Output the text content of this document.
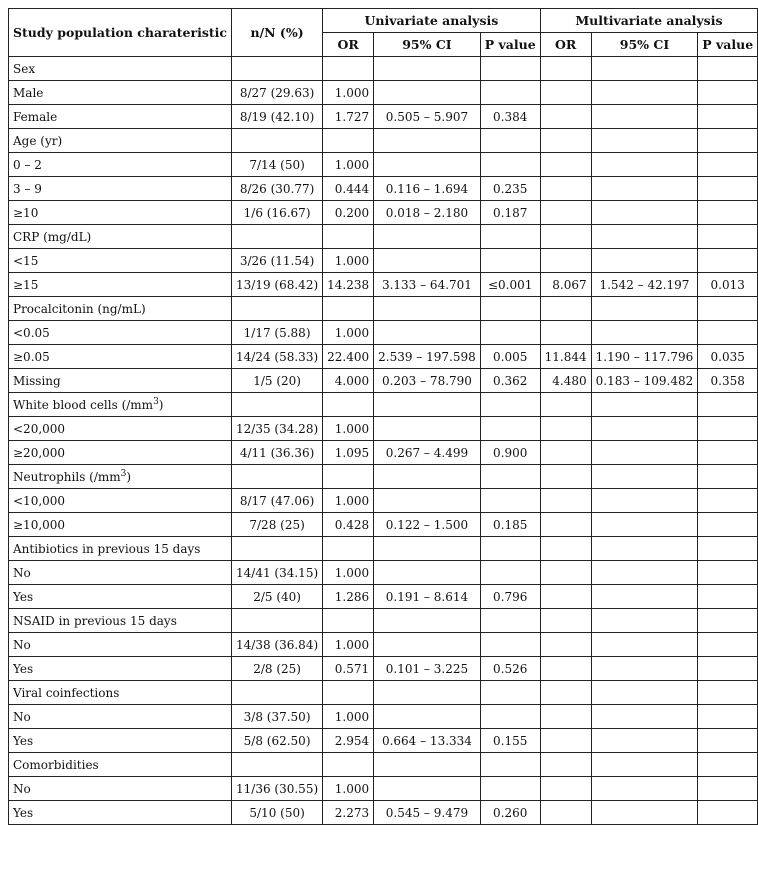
Study population charateristic	n/N (%)	Univariate analysis			Multivariate analysis		
		OR	95% CI	P value	OR	95% CI	P value
Sex							
Male	8/27 (29.63)	1.000					
Female	8/19 (42.10)	1.727	0.505 – 5.907	0.384			
Age (yr)							
0 – 2	7/14 (50)	1.000					
3 – 9	8/26 (30.77)	0.444	0.116 – 1.694	0.235			
≥10	1/6 (16.67)	0.200	0.018 – 2.180	0.187			
CRP (mg/dL)							
<15	3/26 (11.54)	1.000					
≥15	13/19 (68.42)	14.238	3.133 – 64.701	≤0.001	8.067	1.542 – 42.197	0.013
Procalcitonin (ng/mL)							
<0.05	1/17 (5.88)	1.000					
≥0.05	14/24 (58.33)	22.400	2.539 – 197.598	0.005	11.844	1.190 – 117.796	0.035
Missing	1/5 (20)	4.000	0.203 – 78.790	0.362	4.480	0.183 – 109.482	0.358
White blood cells $(/mm^3)$							
<20,000	12/35 (34.28)	1.000					
≥20,000	4/11 (36.36)	1.095	0.267 – 4.499	0.900			
Neutrophils $(/mm^3)$							
<10,000	8/17 (47.06)	1.000					
≥10,000	7/28 (25)	0.428	0.122 – 1.500	0.185			
Antibiotics in previous 15 days							
No	14/41 (34.15)	1.000					
Yes	2/5 (40)	1.286	0.191 – 8.614	0.796			
NSAID in previous 15 days							
No	14/38 (36.84)	1.000					
Yes	2/8 (25)	0.571	0.101 – 3.225	0.526			
Viral coinfections							
No	3/8 (37.50)	1.000					
Yes	5/8 (62.50)	2.954	0.664 – 13.334	0.155			
Comorbidities							
No	11/36 (30.55)	1.000					
Yes	5/10 (50)	2.273	0.545 – 9.479	0.260			
